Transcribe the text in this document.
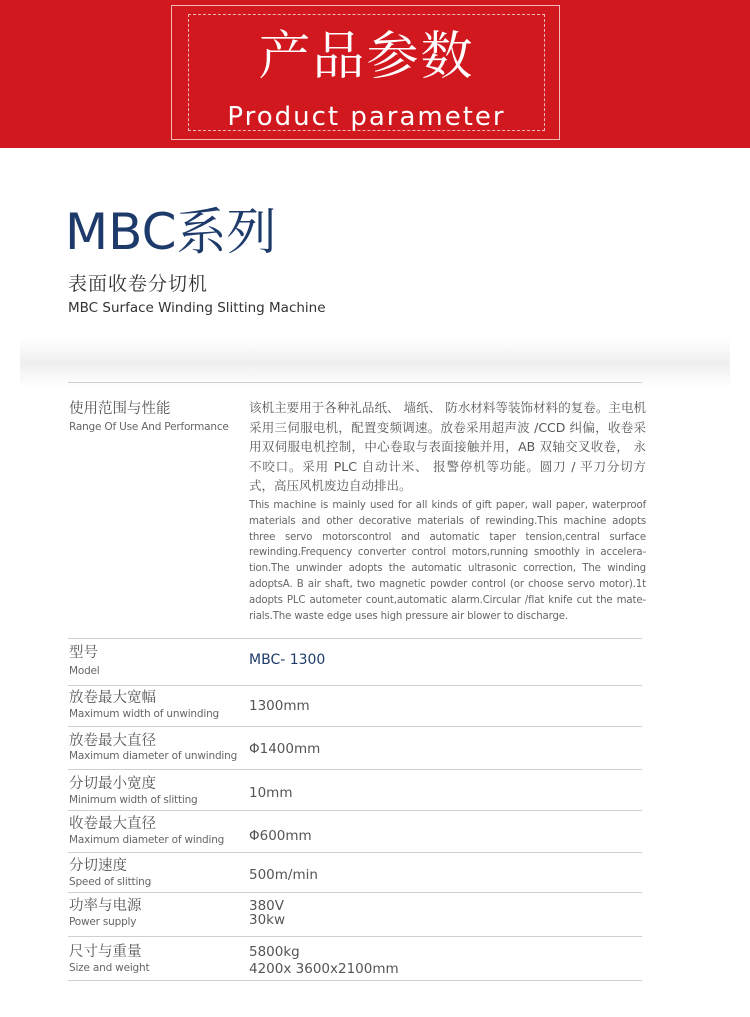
产品参数
Product parameter
MBC系列
表面收卷分切机
MBC Surface Winding Slitting Machine
使用范围与性能
Range Of Use And Performance
该机主要用于各种礼品纸、 墙纸、 防水材料等装饰材料的复卷。主电机采用三伺服电机，配置变频调速。放卷采用超声波 /CCD 纠偏，收卷采用双伺服电机控制，中心卷取与表面接触并用，AB 双轴交叉收卷， 永不咬口。采用 PLC 自动计米、 报警停机等功能。圆刀 / 平刀分切方式，高压风机废边自动排出。
This machine is mainly used for all kinds of gift paper, wall paper, waterproof materials and other decorative materials of rewinding.This machine adopts three servo motorscontrol and automatic taper tension,central surface rewinding.Frequency converter control motors,running smoothly in accelera-tion.The unwinder adopts the automatic ultrasonic correction, The winding adoptsA. B air shaft, two magnetic powder control (or choose servo motor).1t adopts PLC autometer count,automatic alarm.Circular /flat knife cut the mate-rials.The waste edge uses high pressure air blower to discharge.
型号
Model
MBC- 1300
放卷最大宽幅
Maximum width of unwinding 1300mm
放卷最大直径
Maximum diameter of unwinding Φ1400mm
分切最小宽度
Minimum width of slitting	10mm
收卷最大直径
Maximum diameter of winding Φ600mm
分切速度
Speed of slitting	500m/min
功率与电源
Power supply
380V
30kw
尺寸与重量
Size and weight
5800kg
4200x 3600x2100mm
